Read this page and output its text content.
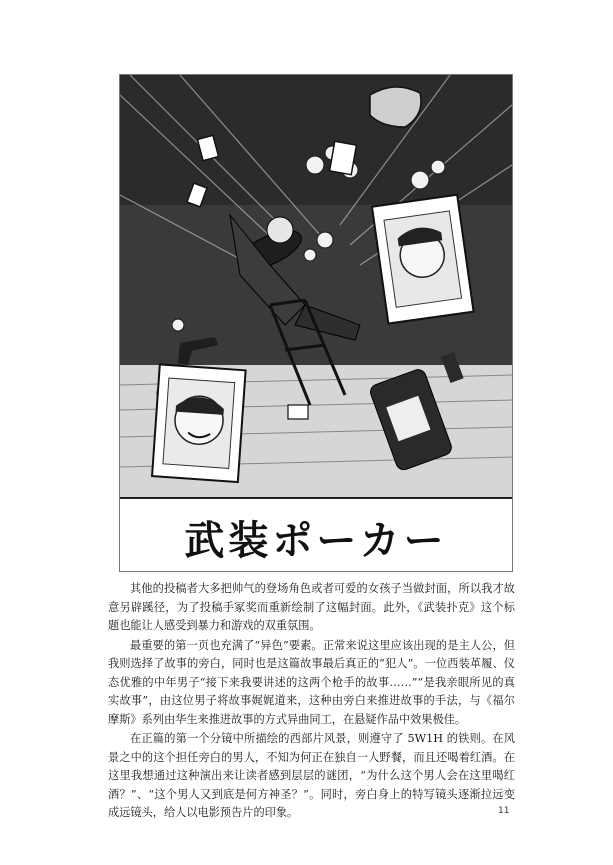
武装ポーカー

其他的投稿者大多把帅气的登场角色或者可爱的女孩子当做封面，所以我才故意另辟蹊径，为了投稿手冢奖而重新绘制了这幅封面。此外，《武装扑克》这个标题也能让人感受到暴力和游戏的双重氛围。

最重要的第一页也充满了“异色”要素。正常来说这里应该出现的是主人公，但我则选择了故事的旁白，同时也是这篇故事最后真正的“犯人”。一位西装革履、仪态优雅的中年男子“接下来我要讲述的这两个枪手的故事……”“是我亲眼所见的真实故事”，由这位男子将故事娓娓道来，这种由旁白来推进故事的手法，与《福尔摩斯》系列由华生来推进故事的方式异曲同工，在悬疑作品中效果极佳。

在正篇的第一个分镜中所描绘的西部片风景，则遵守了 5W1H 的铁则。在风景之中的这个担任旁白的男人，不知为何正在独自一人野餐，而且还喝着红酒。在这里我想通过这种演出来让读者感到层层的谜团，“为什么这个男人会在这里喝红酒？”、“这个男人又到底是何方神圣？”。同时，旁白身上的特写镜头逐渐拉远变成远镜头，给人以电影预告片的印象。	11
